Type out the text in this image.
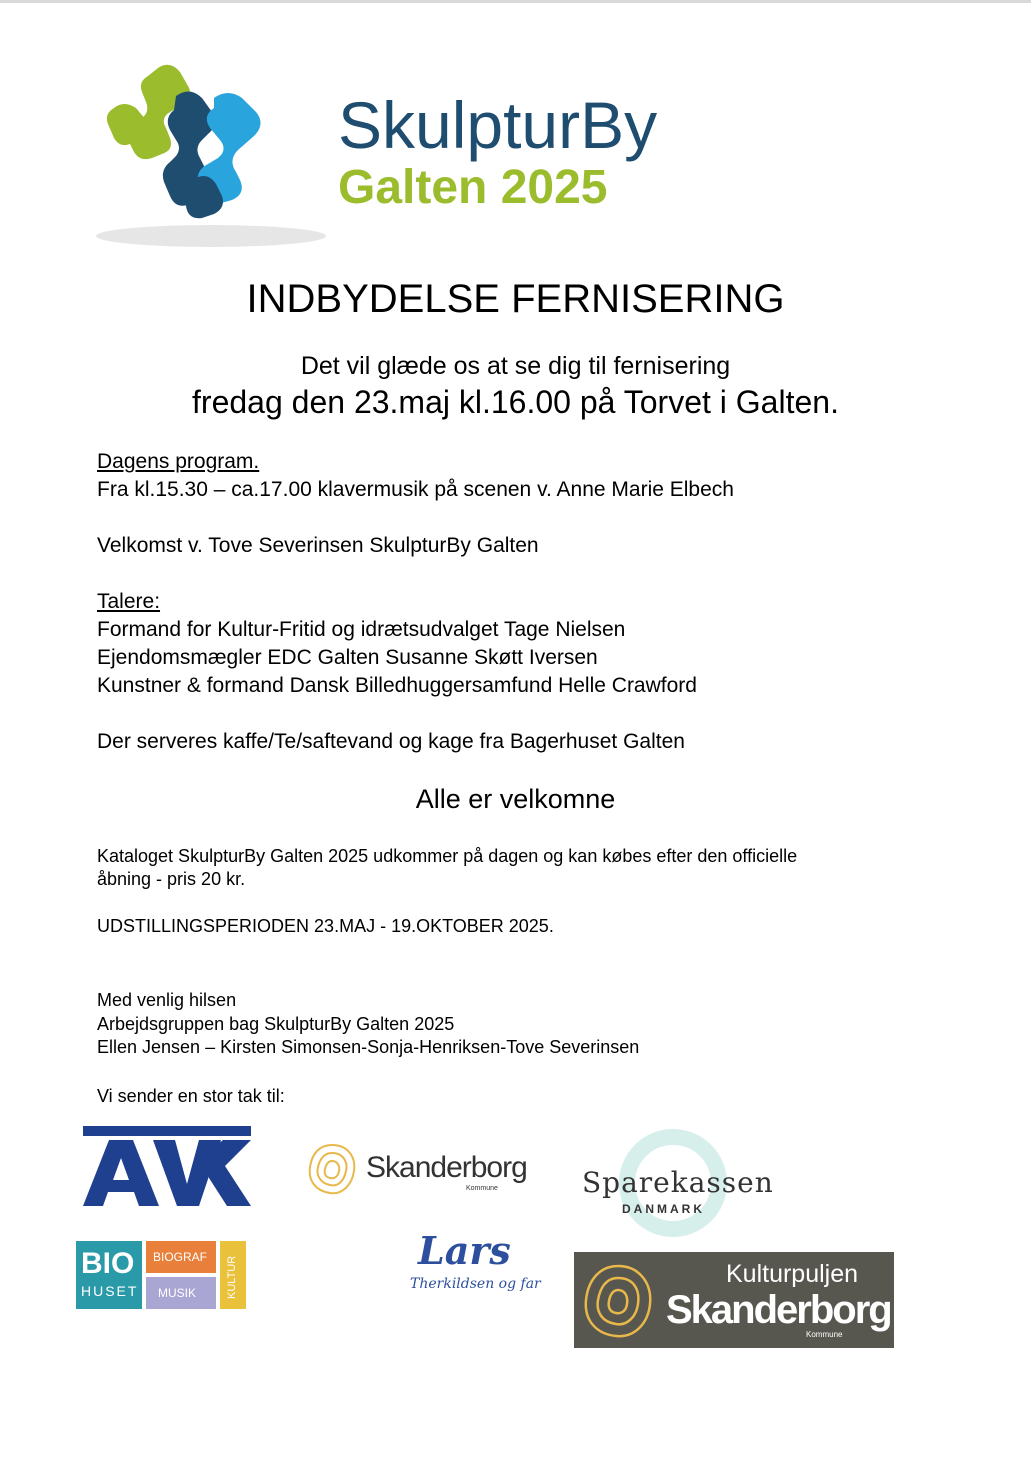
SkulpturBy
Galten 2025
INDBYDELSE FERNISERING
Det vil glæde os at se dig til fernisering
fredag den 23.maj kl.16.00 på Torvet i Galten.
Dagens program.
Fra kl.15.30 – ca.17.00 klavermusik på scenen v. Anne Marie Elbech
Velkomst v. Tove Severinsen SkulpturBy Galten
Talere:
Formand for Kultur-Fritid og idrætsudvalget Tage Nielsen
Ejendomsmægler EDC Galten Susanne Skøtt Iversen
Kunstner & formand Dansk Billedhuggersamfund Helle Crawford
Der serveres kaffe/Te/saftevand og kage fra Bagerhuset Galten
Alle er velkomne
Kataloget SkulpturBy Galten 2025 udkommer på dagen og kan købes efter den officielle
åbning - pris 20 kr.
UDSTILLINGSPERIODEN 23.MAJ - 19.OKTOBER 2025.
Med venlig hilsen
Arbejdsgruppen bag SkulpturBy Galten 2025
Ellen Jensen – Kirsten Simonsen-Sonja-Henriksen-Tove Severinsen
Vi sender en stor tak til:
Skanderborg
Kommune	Sparekassen
DANMARK
BIO
HUSET
BIOGRAF
MUSIK	KULTUR
Lars
Therkildsen og far	Kulturpuljen
Skanderborg
Kommune
